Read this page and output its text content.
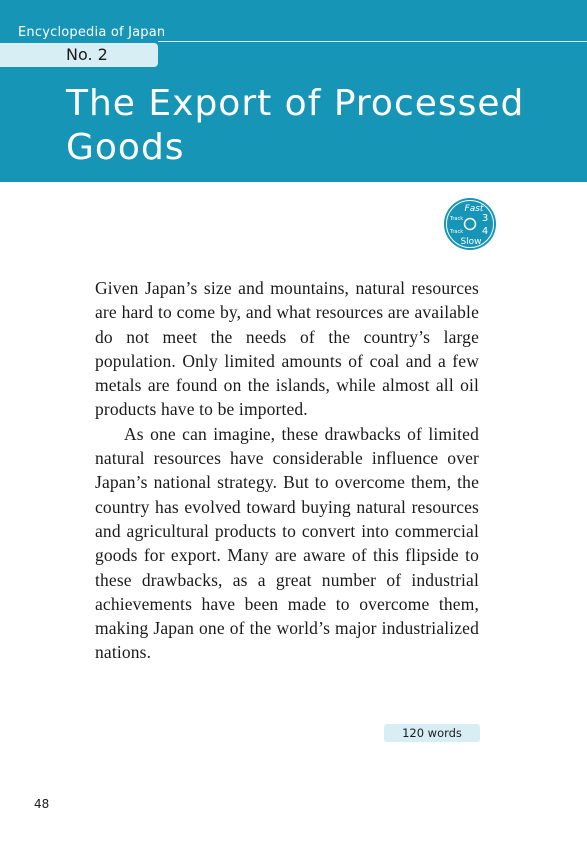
Encyclopedia of Japan
No. 2
The Export of Processed Goods
Fast
Track 3
Track 4
Slow

Given Japan’s size and mountains, natural resources are hard to come by, and what resources are available do not meet the needs of the country’s large population. Only limited amounts of coal and a few metals are found on the islands, while almost all oil products have to be imported.

As one can imagine, these drawbacks of limited natural resources have considerable influence over Japan’s national strategy. But to overcome them, the country has evolved toward buying natural resources and agricultural products to convert into commercial goods for export. Many are aware of this flipside to these drawbacks, as a great number of industrial achievements have been made to overcome them, making Japan one of the world’s major industrialized nations.

120 words
48
